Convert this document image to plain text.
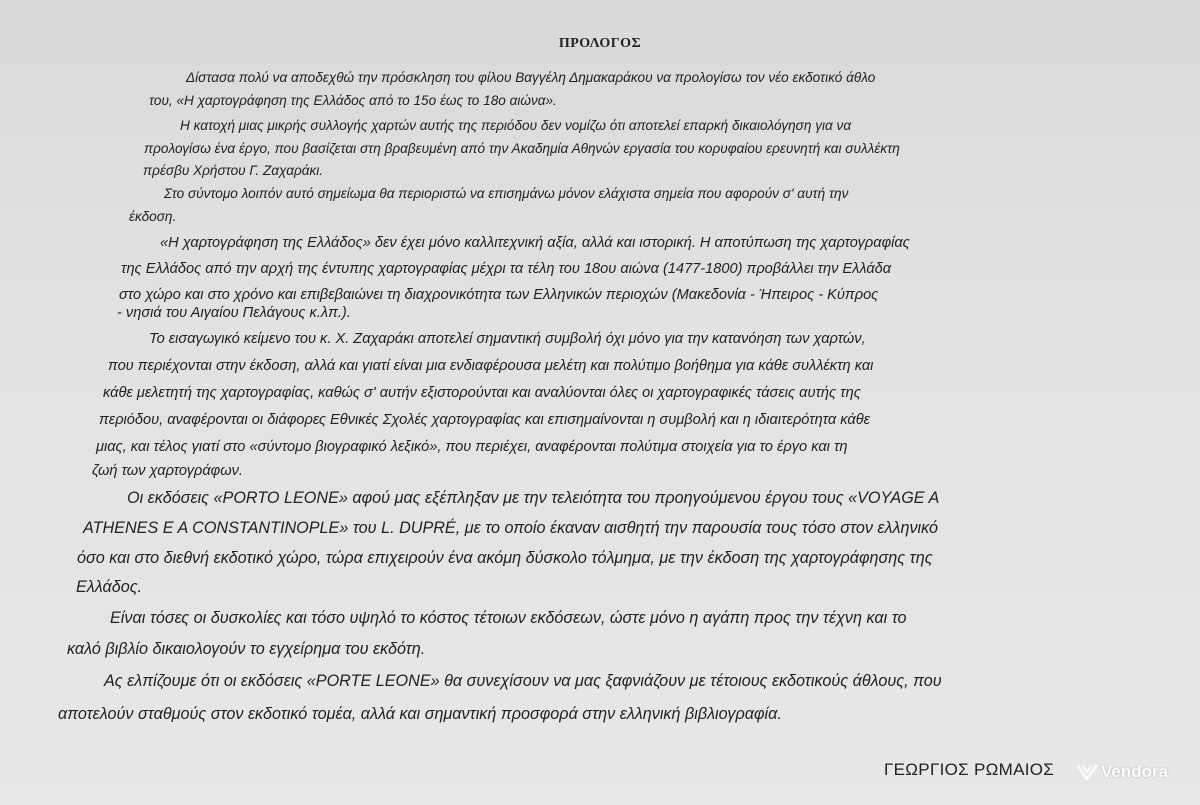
ΠΡΟΛΟΓΟΣ
Δίστασα πολύ να αποδεχθώ την πρόσκληση του φίλου Βαγγέλη Δημακαράκου να προλογίσω τον νέο εκδοτικό άθλο
του, «Η χαρτογράφηση της Ελλάδος από το 15ο έως το 18ο αιώνα».
Η κατοχή μιας μικρής συλλογής χαρτών αυτής της περιόδου δεν νομίζω ότι αποτελεί επαρκή δικαιολόγηση για να
προλογίσω ένα έργο, που βασίζεται στη βραβευμένη από την Ακαδημία Αθηνών εργασία του κορυφαίου ερευνητή και συλλέκτη
πρέσβυ Χρήστου Γ. Ζαχαράκι.
Στο σύντομο λοιπόν αυτό σημείωμα θα περιοριστώ να επισημάνω μόνον ελάχιστα σημεία που αφορούν σ' αυτή την
έκδοση.
«Η χαρτογράφηση της Ελλάδος» δεν έχει μόνο καλλιτεχνική αξία, αλλά και ιστορική. Η αποτύπωση της χαρτογραφίας
της Ελλάδος από την αρχή της έντυπης χαρτογραφίας μέχρι τα τέλη του 18ου αιώνα (1477-1800) προβάλλει την Ελλάδα
στο χώρο και στο χρόνο και επιβεβαιώνει τη διαχρονικότητα των Ελληνικών περιοχών (Μακεδονία - Ήπειρος - Κύπρος
- νησιά του Αιγαίου Πελάγους κ.λπ.).
Το εισαγωγικό κείμενο του κ. Χ. Ζαχαράκι αποτελεί σημαντική συμβολή όχι μόνο για την κατανόηση των χαρτών,
που περιέχονται στην έκδοση, αλλά και γιατί είναι μια ενδιαφέρουσα μελέτη και πολύτιμο βοήθημα για κάθε συλλέκτη και
κάθε μελετητή της χαρτογραφίας, καθώς σ' αυτήν εξιστορούνται και αναλύονται όλες οι χαρτογραφικές τάσεις αυτής της
περιόδου, αναφέρονται οι διάφορες Εθνικές Σχολές χαρτογραφίας και επισημαίνονται η συμβολή και η ιδιαιτερότητα κάθε
μιας, και τέλος γιατί στο «σύντομο βιογραφικό λεξικό», που περιέχει, αναφέρονται πολύτιμα στοιχεία για το έργο και τη
ζωή των χαρτογράφων.
Οι εκδόσεις «PORTO LEONE» αφού μας εξέπληξαν με την τελειότητα του προηγούμενου έργου τους «VOYAGE A
ATHENES E A CONSTANTINOPLE» του L. DUPRÉ, με το οποίο έκαναν αισθητή την παρουσία τους τόσο στον ελληνικό
όσο και στο διεθνή εκδοτικό χώρο, τώρα επιχειρούν ένα ακόμη δύσκολο τόλμημα, με την έκδοση της χαρτογράφησης της
Ελλάδος.
Είναι τόσες οι δυσκολίες και τόσο υψηλό το κόστος τέτοιων εκδόσεων, ώστε μόνο η αγάπη προς την τέχνη και το
καλό βιβλίο δικαιολογούν το εγχείρημα του εκδότη.
Ας ελπίζουμε ότι οι εκδόσεις «PORTE LEONE» θα συνεχίσουν να μας ξαφνιάζουν με τέτοιους εκδοτικούς άθλους, που
αποτελούν σταθμούς στον εκδοτικό τομέα, αλλά και σημαντική προσφορά στην ελληνική βιβλιογραφία.
ΓΕΩΡΓΙΟΣ ΡΩΜΑΙΟΣ	Vendora
